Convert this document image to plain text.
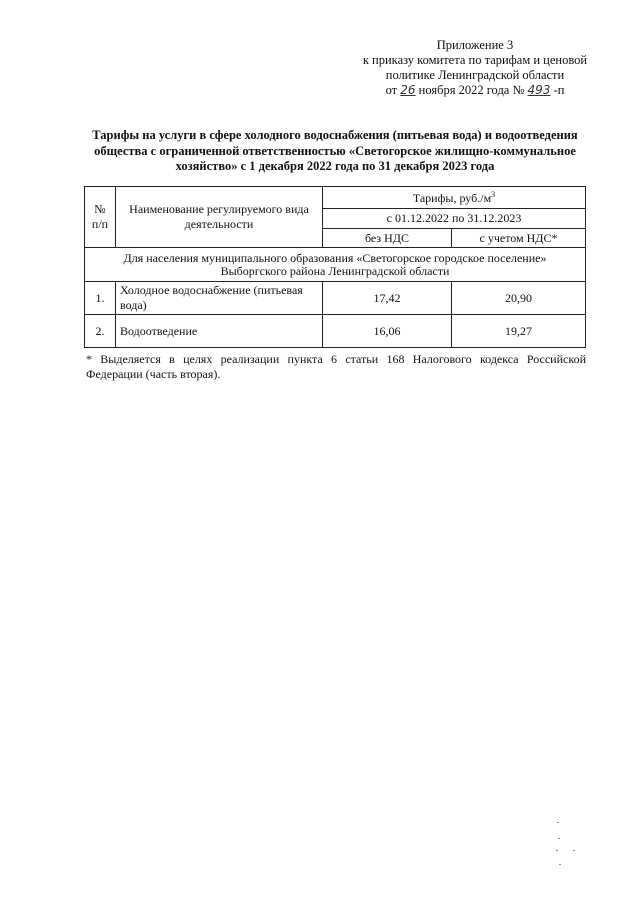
Приложение 3
к приказу комитета по тарифам и ценовой
политике Ленинградской области
от 26 ноября 2022 года № 493 -п
Тарифы на услуги в сфере холодного водоснабжения (питьевая вода) и водоотведения
общества с ограниченной ответственностью «Светогорское жилищно-коммунальное
хозяйство» с 1 декабря 2022 года по 31 декабря 2023 года
№ п/п	Наименование регулируемого вида деятельности	Тарифы, $руб./м^3$
		с 01.12.2022 по 31.12.2023	
		без НДС	с учетом НДС*
Для населения муниципального образования «Светогорское городское поселение» Выборгского района Ленинградской области			
1.	Холодное водоснабжение (питьевая вода)	17,42	20,90
2.	Водоотведение	16,06	19,27
* Выделяется в целях реализации пункта 6 статьи 168 Налогового кодекса Российской Федерации (часть вторая).
